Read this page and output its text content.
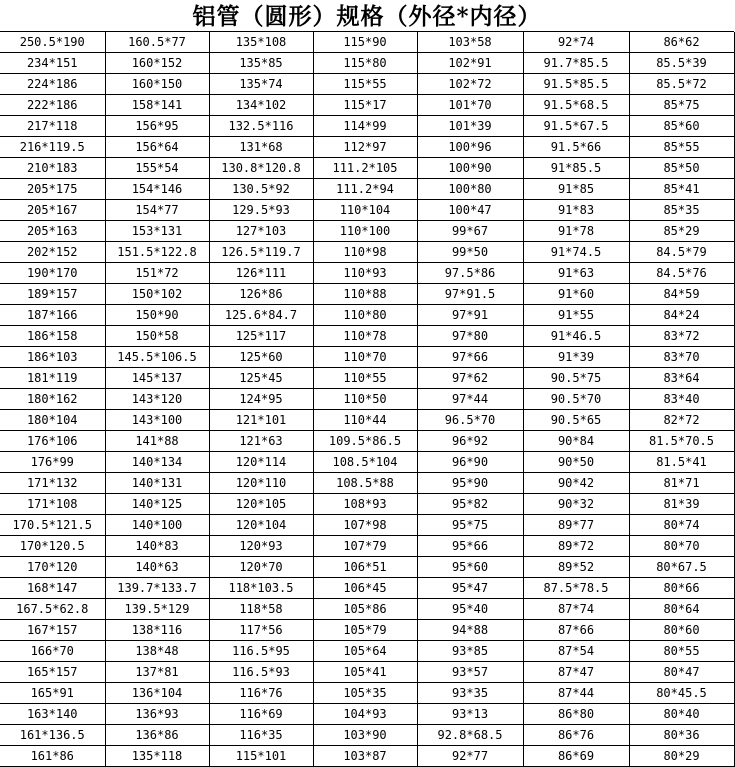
铝管（圆形）规格（外径*内径）
250.5*190	160.5*77	135*108	115*90	103*58	92*74	86*62
234*151	160*152	135*85	115*80	102*91	91.7*85.5	85.5*39
224*186	160*150	135*74	115*55	102*72	91.5*85.5	85.5*72
222*186	158*141	134*102	115*17	101*70	91.5*68.5	85*75
217*118	156*95	132.5*116	114*99	101*39	91.5*67.5	85*60
216*119.5	156*64	131*68	112*97	100*96	91.5*66	85*55
210*183	155*54	130.8*120.8	111.2*105	100*90	91*85.5	85*50
205*175	154*146	130.5*92	111.2*94	100*80	91*85	85*41
205*167	154*77	129.5*93	110*104	100*47	91*83	85*35
205*163	153*131	127*103	110*100	99*67	91*78	85*29
202*152	151.5*122.8	126.5*119.7	110*98	99*50	91*74.5	84.5*79
190*170	151*72	126*111	110*93	97.5*86	91*63	84.5*76
189*157	150*102	126*86	110*88	97*91.5	91*60	84*59
187*166	150*90	125.6*84.7	110*80	97*91	91*55	84*24
186*158	150*58	125*117	110*78	97*80	91*46.5	83*72
186*103	145.5*106.5	125*60	110*70	97*66	91*39	83*70
181*119	145*137	125*45	110*55	97*62	90.5*75	83*64
180*162	143*120	124*95	110*50	97*44	90.5*70	83*40
180*104	143*100	121*101	110*44	96.5*70	90.5*65	82*72
176*106	141*88	121*63	109.5*86.5	96*92	90*84	81.5*70.5
176*99	140*134	120*114	108.5*104	96*90	90*50	81.5*41
171*132	140*131	120*110	108.5*88	95*90	90*42	81*71
171*108	140*125	120*105	108*93	95*82	90*32	81*39
170.5*121.5	140*100	120*104	107*98	95*75	89*77	80*74
170*120.5	140*83	120*93	107*79	95*66	89*72	80*70
170*120	140*63	120*70	106*51	95*60	89*52	80*67.5
168*147	139.7*133.7	118*103.5	106*45	95*47	87.5*78.5	80*66
167.5*62.8	139.5*129	118*58	105*86	95*40	87*74	80*64
167*157	138*116	117*56	105*79	94*88	87*66	80*60
166*70	138*48	116.5*95	105*64	93*85	87*54	80*55
165*157	137*81	116.5*93	105*41	93*57	87*47	80*47
165*91	136*104	116*76	105*35	93*35	87*44	80*45.5
163*140	136*93	116*69	104*93	93*13	86*80	80*40
161*136.5	136*86	116*35	103*90	92.8*68.5	86*76	80*36
161*86	135*118	115*101	103*87	92*77	86*69	80*29
